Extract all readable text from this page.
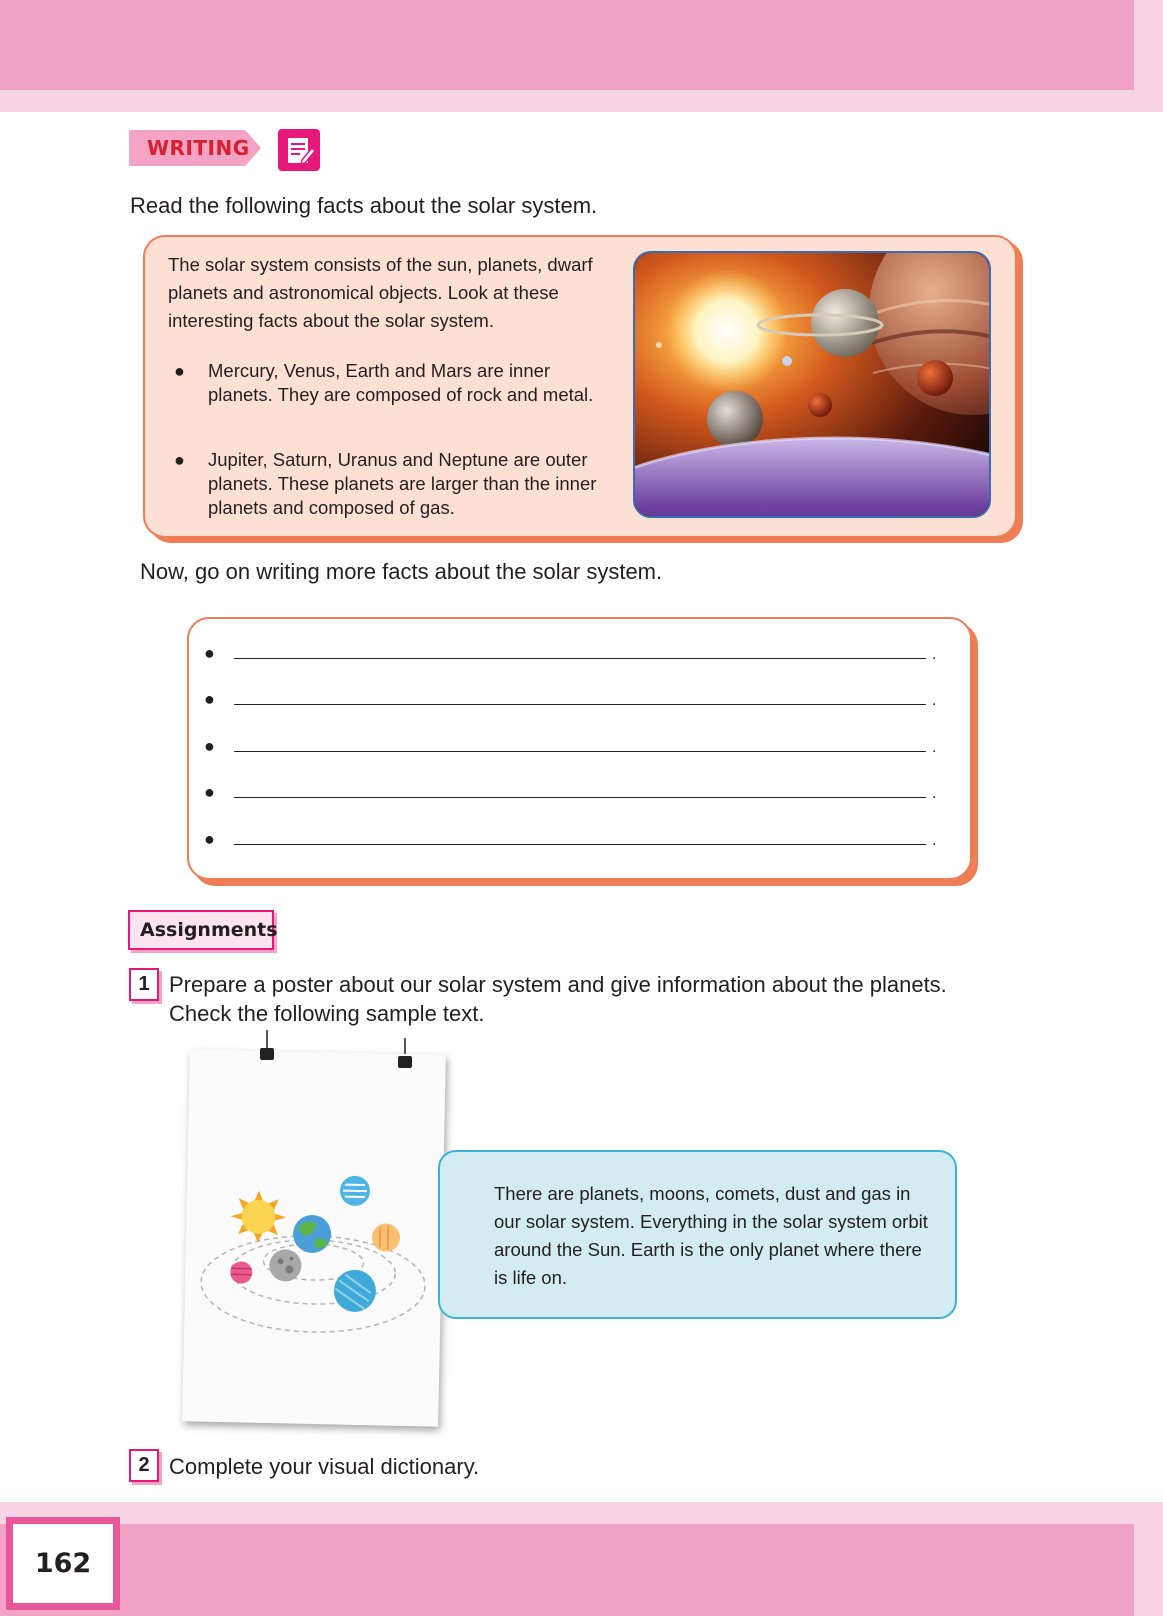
WRITING
Read the following facts about the solar system.
The solar system consists of the sun, planets, dwarf planets and astronomical objects. Look at these interesting facts about the solar system.
●	Mercury, Venus, Earth and Mars are inner planets. They are composed of rock and metal.
●	Jupiter, Saturn, Uranus and Neptune are outer planets. These planets are larger than the inner planets and composed of gas.
Now, go on writing more facts about the solar system.
●	.
●	.
●	.
●	.
●	.
Assignments
1 Prepare a poster about our solar system and give information about the planets. Check the following sample text.
There are planets, moons, comets, dust and gas in our solar system. Everything in the solar system orbit around the Sun. Earth is the only planet where there is life on.
2 Complete your visual dictionary.
162
